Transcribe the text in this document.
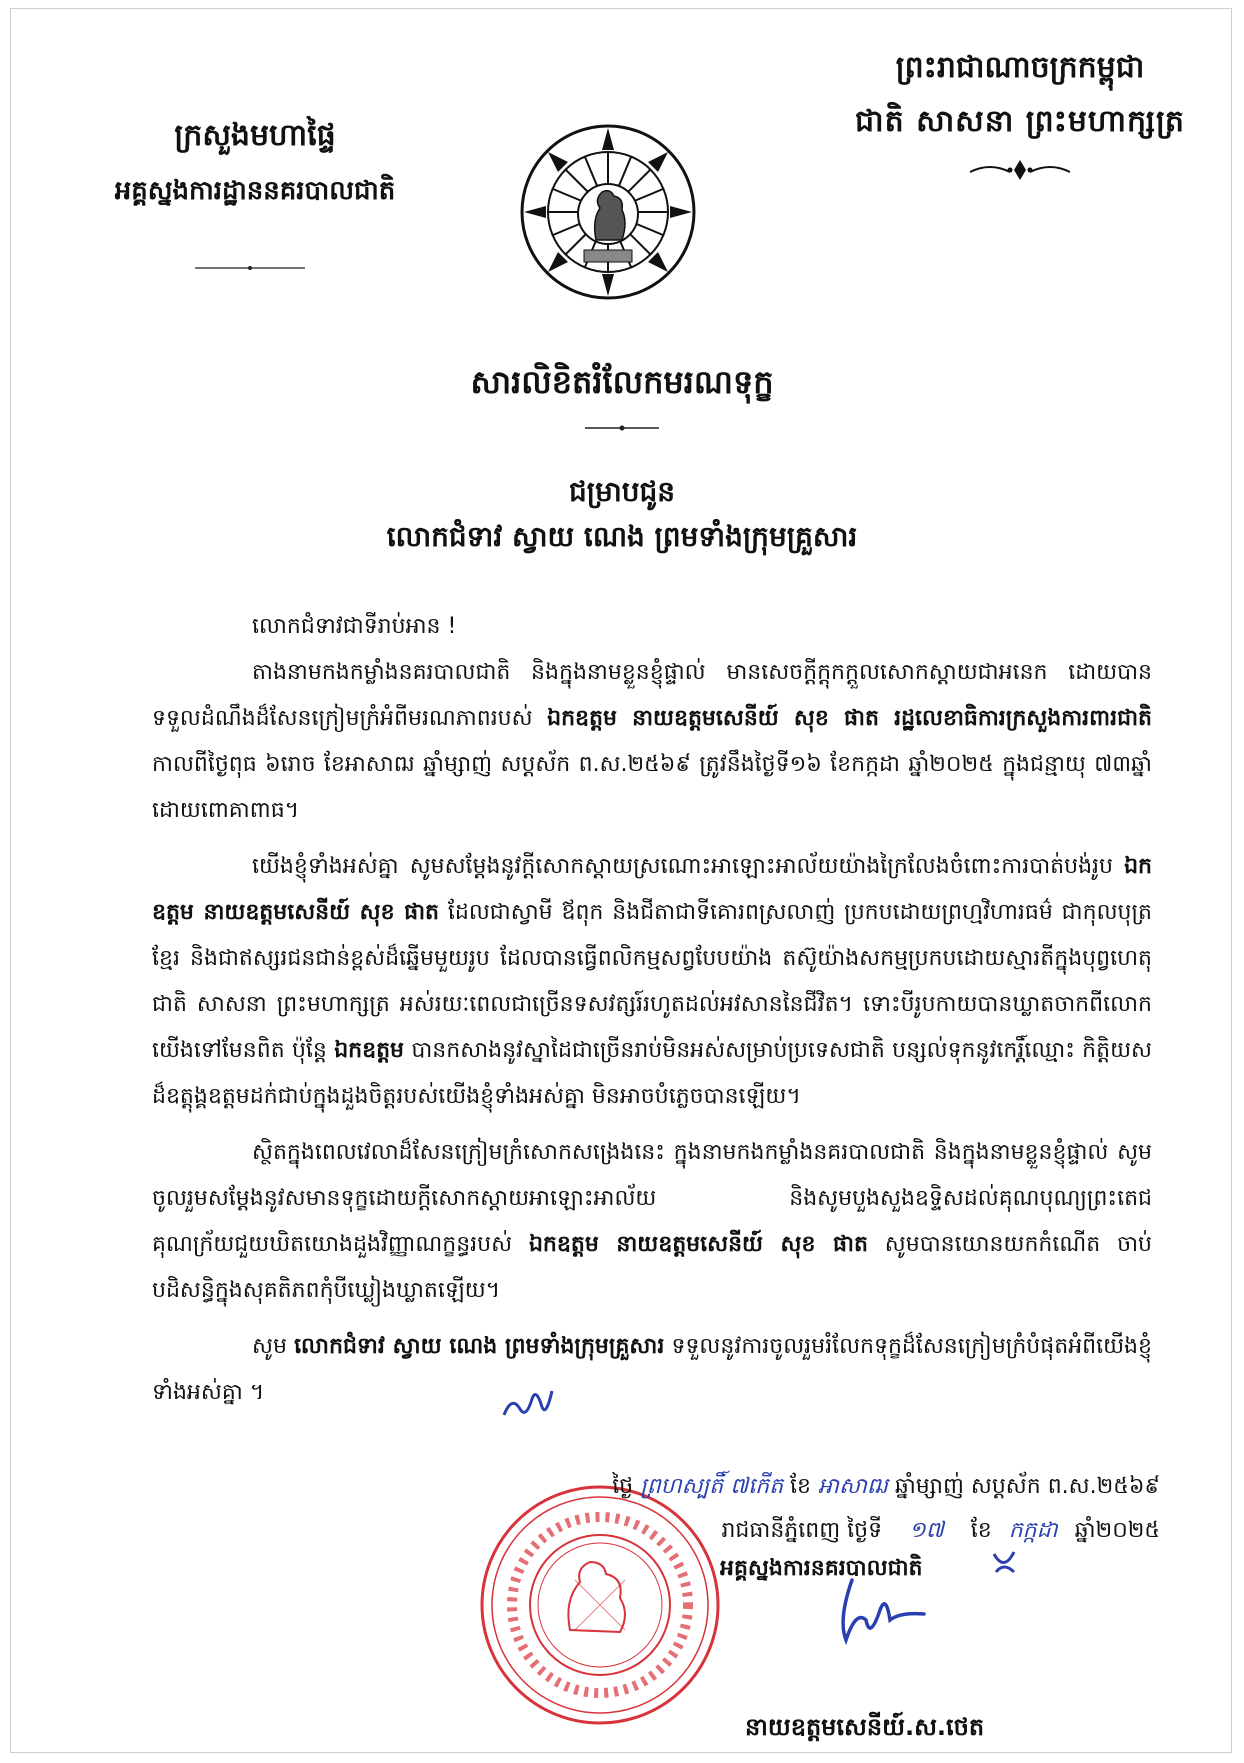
ក្រសួងមហាផ្ទៃ
អគ្គស្នងការដ្ឋាននគរបាលជាតិ
ព្រះរាជាណាចក្រកម្ពុជា
ជាតិ សាសនា ព្រះមហាក្សត្រ
សារលិខិតរំលែកមរណទុក្ខ
ជម្រាបជូន
លោកជំទាវ ស្វាយ ណេង ព្រមទាំងក្រុមគ្រួសារ

លោកជំទាវជាទីរាប់អាន !

តាងនាមកងកម្លាំងនគរបាលជាតិ និងក្នុងនាមខ្លួនខ្ញុំផ្ទាល់ មានសេចក្តីក្តុកក្តួលសោកស្តាយជាអនេក ដោយបានទទួលដំណឹងដ៏សែនក្រៀមក្រំអំពីមរណភាពរបស់ ឯកឧត្តម នាយឧត្តមសេនីយ៍ សុខ ផាត រដ្ឋលេខាធិការក្រសួងការពារជាតិ កាលពីថ្ងៃពុធ ៦រោច ខែអាសាឍ ឆ្នាំម្សាញ់ សប្តស័ក ព.ស.២៥៦៩ ត្រូវនឹងថ្ងៃទី១៦ ខែកក្កដា ឆ្នាំ២០២៥ ក្នុងជន្មាយុ ៧៣ឆ្នាំ ដោយពោគាពាធ។

យើងខ្ញុំទាំងអស់គ្នា សូមសម្តែងនូវក្តីសោកស្តាយស្រណោះអាឡោះអាល័យយ៉ាងក្រៃលែងចំពោះការបាត់បង់រូប ឯកឧត្តម នាយឧត្តមសេនីយ៍ សុខ ផាត ដែលជាស្វាមី ឪពុក និងជីតាជាទីគោរពស្រលាញ់ ប្រកបដោយព្រហ្មវិហារធម៌ ជាកុលបុត្រខ្មែរ និងជាឥស្សរជនជាន់ខ្ពស់ដ៏ឆ្នើមមួយរូប ដែលបានធ្វើពលិកម្មសព្វបែបយ៉ាង តស៊ូយ៉ាងសកម្មប្រកបដោយស្មារតីក្នុងបុព្វហេតុជាតិ សាសនា ព្រះមហាក្សត្រ អស់រយៈពេលជាច្រើនទសវត្សរ៍រហូតដល់អវសាននៃជីវិត។ ទោះបីរូបកាយបានឃ្លាតចាកពីលោកយើងទៅមែនពិត ប៉ុន្តែ ឯកឧត្តម បានកសាងនូវស្នាដៃជាច្រើនរាប់មិនអស់សម្រាប់ប្រទេសជាតិ បន្សល់ទុកនូវកេរ្តិ៍ឈ្មោះ កិត្តិយសដ៏ឧត្តុង្គឧត្តមដក់ជាប់ក្នុងដួងចិត្តរបស់យើងខ្ញុំទាំងអស់គ្នា មិនអាចបំភ្លេចបានឡើយ។

ស្ថិតក្នុងពេលវេលាដ៏សែនក្រៀមក្រំសោកសង្រេងនេះ ក្នុងនាមកងកម្លាំងនគរបាលជាតិ និងក្នុងនាមខ្លួនខ្ញុំផ្ទាល់ សូមចូលរួមសម្តែងនូវសមានទុក្ខដោយក្តីសោកស្តាយអាឡោះអាល័យ និងសូមបួងសួងឧទ្ទិសដល់គុណបុណ្យព្រះតេជគុណក្រ័យជួយឃិតយោងដួងវិញ្ញាណក្ខន្ធរបស់ ឯកឧត្តម នាយឧត្តមសេនីយ៍ សុខ ផាត សូមបានយោនយកកំណើត ចាប់បដិសន្ធិក្នុងសុគតិភពកុំបីឃ្លៀងឃ្លាតឡើយ។

សូម លោកជំទាវ ស្វាយ ណេង ព្រមទាំងក្រុមគ្រួសារ ទទួលនូវការចូលរួមរំលែកទុក្ខដ៏សែនក្រៀមក្រំបំផុតអំពីយើងខ្ញុំទាំងអស់គ្នា ។

ថ្ងៃ ព្រហស្បតិ៍ ៧កើត ខែ អាសាឍ ឆ្នាំម្សាញ់ សប្តស័ក ព.ស.២៥៦៩
រាជធានីភ្នំពេញ ថ្ងៃទី ១៧ ខែ កក្កដា ឆ្នាំ២០២៥
អគ្គស្នងការនគរបាលជាតិ
នាយឧត្តមសេនីយ៍.ស.ថេត
